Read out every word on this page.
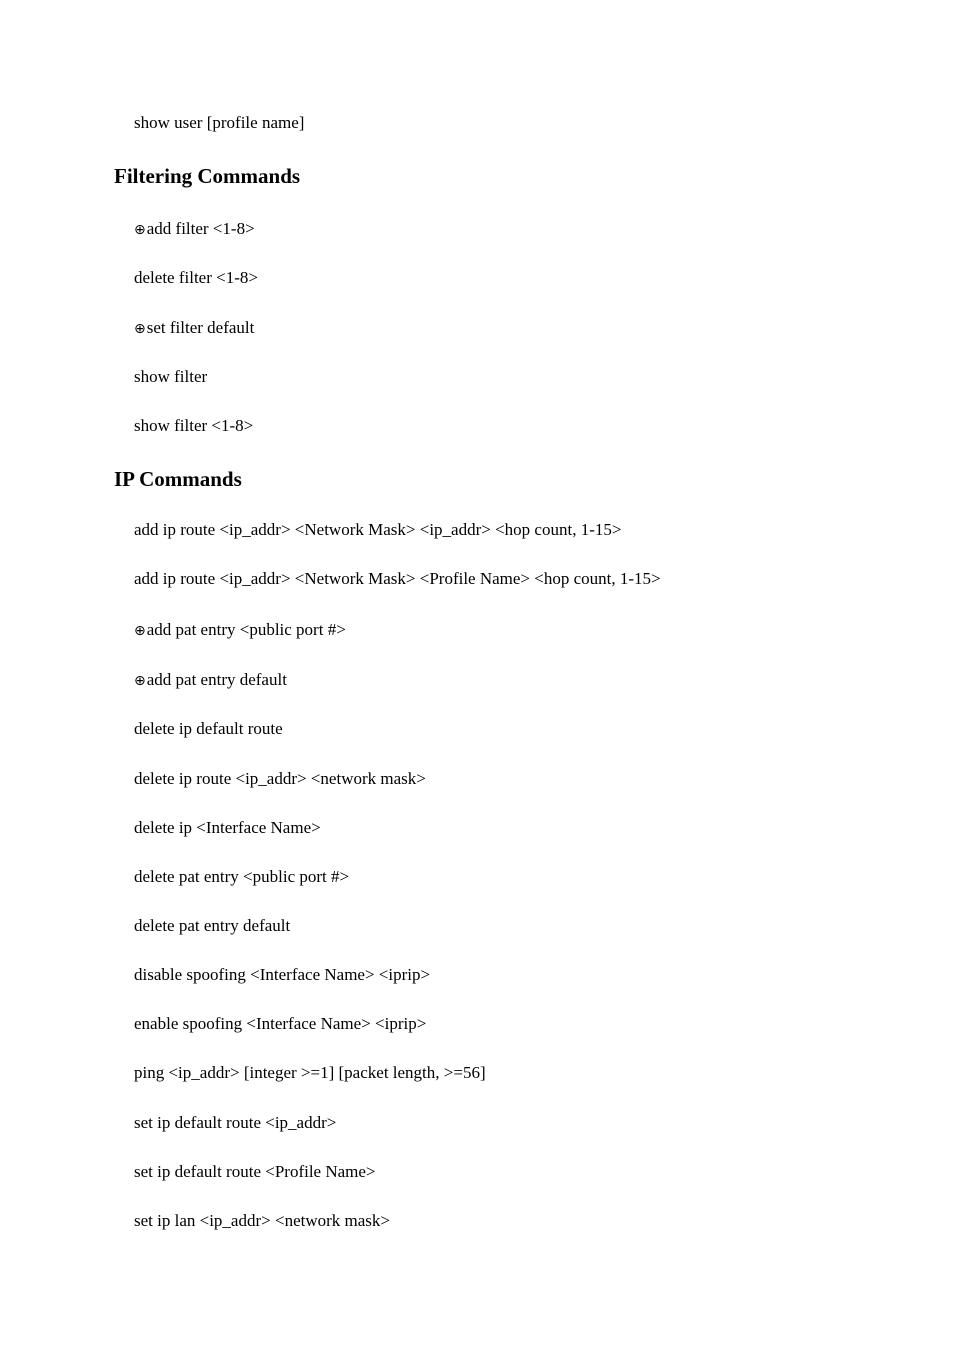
show user [profile name]
Filtering Commands
⊕add filter <1-8>
delete filter <1-8>
⊕set filter default
show filter
show filter <1-8>
IP Commands
add ip route <ip_addr> <Network Mask> <ip_addr> <hop count, 1-15>
add ip route <ip_addr> <Network Mask> <Profile Name> <hop count, 1-15>
⊕add pat entry <public port #>
⊕add pat entry default
delete ip default route
delete ip route <ip_addr> <network mask>
delete ip <Interface Name>
delete pat entry <public port #>
delete pat entry default
disable spoofing <Interface Name> <iprip>
enable spoofing <Interface Name> <iprip>
ping <ip_addr> [integer >=1] [packet length, >=56]
set ip default route <ip_addr>
set ip default route <Profile Name>
set ip lan <ip_addr> <network mask>
